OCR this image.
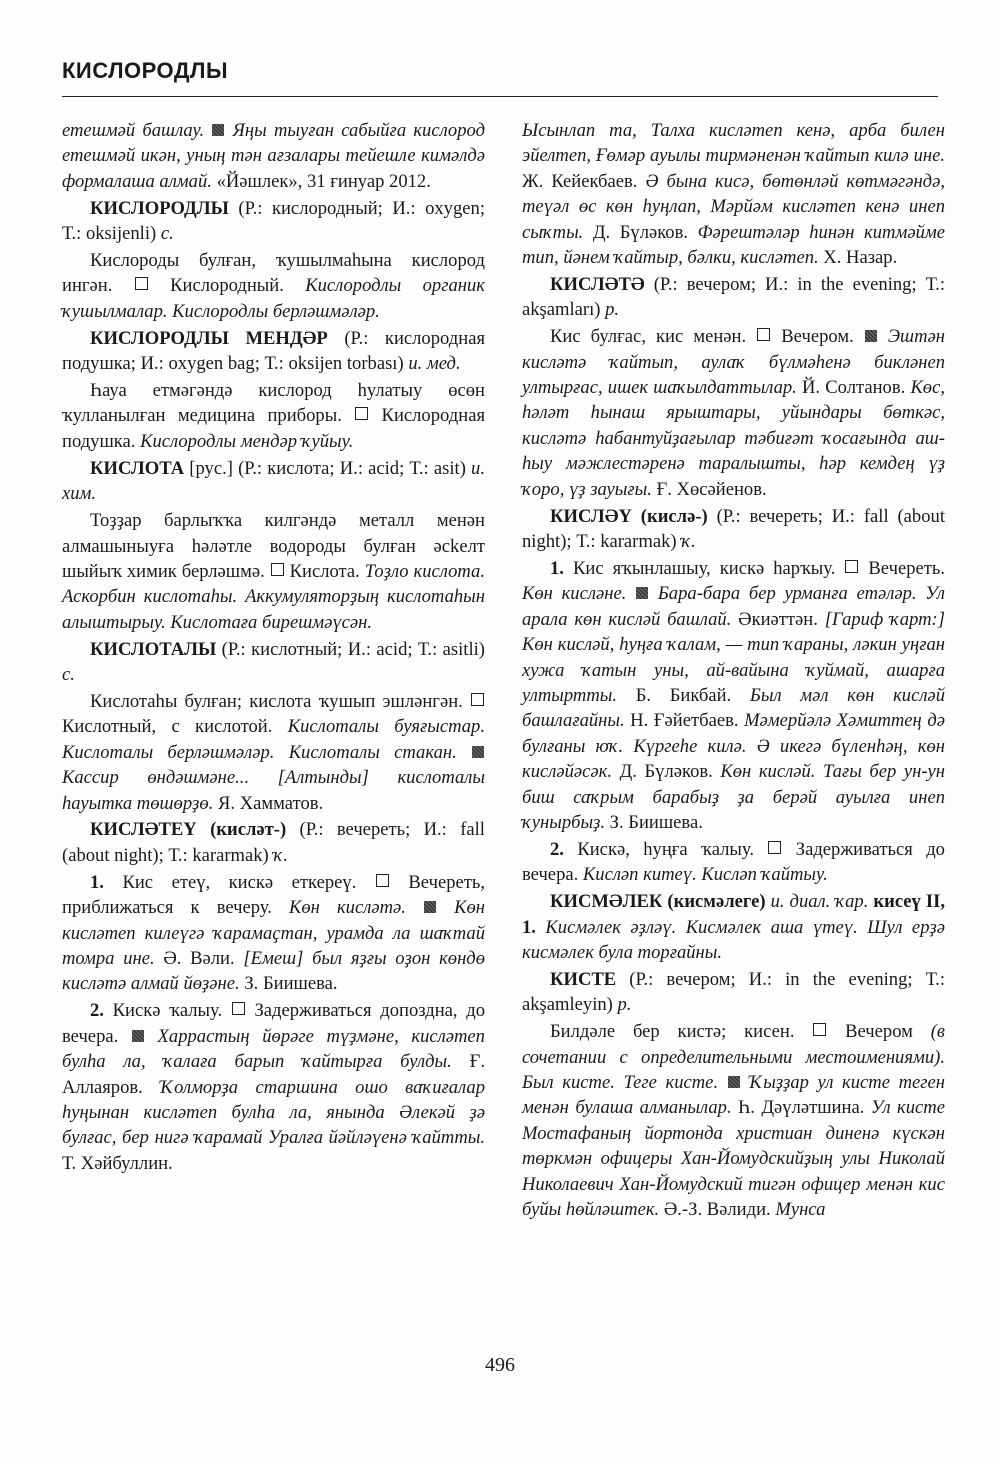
КИСЛОРОДЛЫ

етешмәй башлау.  Яңы тыуған сабыйға кислород етешмәй икән, уның тән ағзалары тейешле кимәлдә формалаша алмай. «Йәшлек», 31 ғинуар 2012.

КИСЛОРОДЛЫ (Р.: кислородный; И.: oxygen; Т.: oksijenli) с.

Кислороды булған, ҡушылмаһына кислород ингән.  Кислородный. Кислородлы органик ҡушылмалар. Кислородлы берләшмәләр.

КИСЛОРОДЛЫ МЕНДӘР (Р.: кислородная подушка; И.: oxygen bag; Т.: oksijen torbası) и. мед.

Һауа етмәгәндә кислород һулатыу өсөн ҡулланылған медицина приборы.  Кислородная подушка. Кислородлы мендәр ҡуйыу.

КИСЛОТА [рус.] (Р.: кислота; И.: acid; Т.: asit) и. хим.

Тоҙҙар барлыҡҡа килгәндә металл менән алмашыныуға һәләтле водороды булған әсkелт шыйыҡ химик берләшмә.  Кислота. Тоҙло кислота. Аскорбин кислотаһы. Аккумуляторҙың кислотаһын алыштырыу. Кислотаға бирешмәүсән.

КИСЛОТАЛЫ (Р.: кислотный; И.: acid; Т.: asitli) с.

Кислотаһы булған; кислота ҡушып эшләнгән.  Кислотный, с кислотой. Кислоталы буяғыстар. Кислоталы берләшмәләр. Кислоталы стакан.  Кассир өндәшмәне... [Алтынды] кислоталы һауытка төшөрҙө. Я. Хамматов.

КИСЛӘТЕҮ (кисләт-) (Р.: вечереть; И.: fall (about night); Т.: kararmak) ҡ.

1. Кис етеү, кискә еткереү.  Вечереть, приближаться к вечеру. Көн кисләтә.  Көн кисләтеп килеүгә ҡарамаҫтан, урамда ла шаҡтай томра ине. Ә. Вәли. [Емеш] был яҙғы оҙон көндө кисләтә алмай йөҙәне. З. Биишева.

2. Кискә ҡалыу.  Задерживаться допоздна, до вечера.  Харрастың йөрәге түҙмәне, кисләтеп булһа ла, ҡалаға барып ҡайтырға булды. Ғ. Аллаяров. Ҡолморҙа старшина ошо ваҡиғалар һуңынан кисләтеп булһа ла, янында Әлекәй ҙә булғас, бер нигә ҡарамай Уралға йәйләүенә ҡайтты. Т. Хәйбуллин.

Ысынлап та, Талха кисләтеп кенә, арба билен эйелтеп, Ғөмәр ауылы тирмәненән ҡайтып килә ине. Ж. Кейекбаев. Ә бына кисә, бөтөнләй көтмәгәндә, теүәл өс көн һуңлап, Мәрйәм кисләтеп кенә инеп сыҡты. Д. Бүләков. Фәрештәләр һинән китмәйме тип, йәнем ҡайтыр, бәлки, кисләтеп. Х. Назар.

КИСЛӘТӘ (Р.: вечером; И.: in the evening; Т.: akşamları) р.

Кис булғас, кис менән.  Вечером.  Эштән кисләтә ҡайтып, аулаҡ бүлмәһенә бикләнеп ултырғас, ишек шаҡылдаттылар. Й. Солтанов. Көс, һәләт һынаш ярыштары, уйындары бөткәс, кисләтә һабантуйҙағылар тәбиғәт ҡосағында аш-һыу мәжлестәренә таралышты, һәр кемдең үҙ ҡоро, үҙ зауығы. Ғ. Хөсәйенов.

КИСЛӘҮ (кислә-) (Р.: вечереть; И.: fall (about night); Т.: kararmak) ҡ.

1. Кис яҡынлашыу, кискә һарҡыу.  Вечереть. Көн кисләне.  Бара-бара бер урманға етәләр. Ул арала көн кисләй башлай. Әкиәттән. [Гариф ҡарт:] Көн кисләй, һуңға ҡалам, — тип ҡараны, ләкин уңған хужа ҡатын уны, ай-вайына ҡуймай, ашарға ултыртты. Б. Бикбай. Был мәл көн кисләй башлағайны. Н. Ғәйетбаев. Мәмерйәлә Хәмиттең дә булғаны юҡ. Күргеһе килә. Ә икегә бүленһәң, көн кисләйәсәк. Д. Бүләков. Көн кисләй. Тағы бер ун-ун биш саҡрым барабыҙ ҙа берәй ауылға инеп ҡунырбыҙ. З. Биишева.

2. Кискә, һуңға ҡалыу.  Задерживаться до вечера. Кисләп китеү. Кисләп ҡайтыу.

КИСМӘЛЕК (кисмәлеге) и. диал. ҡар. кисеү II, 1. Кисмәлек әҙләү. Кисмәлек аша үтеү. Шул ерҙә кисмәлек була торғайны.

КИСТЕ (Р.: вечером; И.: in the evening; Т.: akşamleyin) р.

Билдәле бер кистә; кисен.  Вечером (в сочетании с определительными местоимениями). Был кисте. Теге кисте.  Ҡыҙҙар ул кисте теген менән булаша алманылар. Һ. Дәүләтшина. Ул кисте Мостафаның йортонда христиан диненә күскән төркмән офицеры Хан-Йомудскийҙың улы Николай Николаевич Хан-Йомудский тигән офицер менән кис буйы һөйләштек. Ә.-З. Вәлиди. Мунса

496
